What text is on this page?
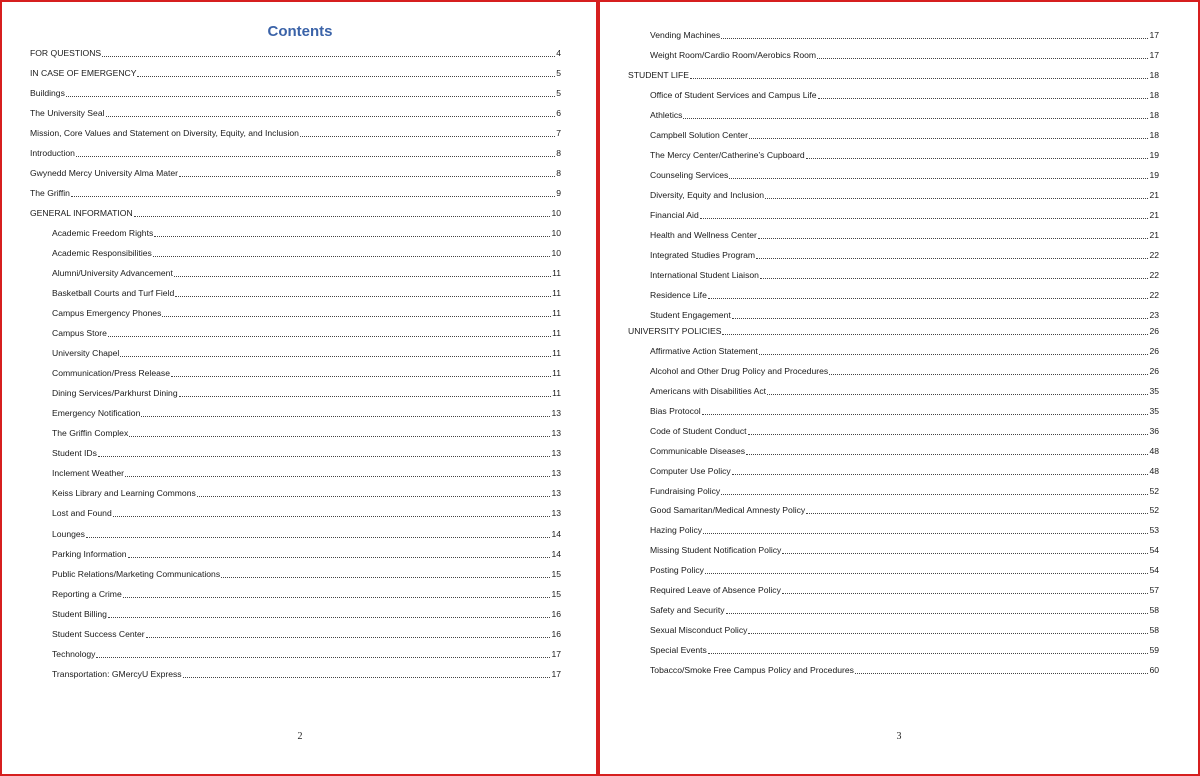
Contents
FOR QUESTIONS	4
IN CASE OF EMERGENCY	5
Buildings	5
The University Seal	6
Mission, Core Values and Statement on Diversity, Equity, and Inclusion	7
Introduction	8
Gwynedd Mercy University Alma Mater	8
The Griffin	9
GENERAL INFORMATION	10
Academic Freedom Rights	10
Academic Responsibilities	10
Alumni/University Advancement	11
Basketball Courts and Turf Field	11
Campus Emergency Phones	11
Campus Store	11
University Chapel	11
Communication/Press Release	11
Dining Services/Parkhurst Dining	11
Emergency Notification	13
The Griffin Complex	13
Student IDs	13
Inclement Weather	13
Keiss Library and Learning Commons	13
Lost and Found	13
Lounges	14
Parking Information	14
Public Relations/Marketing Communications	15
Reporting a Crime	15
Student Billing	16
Student Success Center	16
Technology	17
Transportation: GMercyU Express	17
2
Vending Machines	17
Weight Room/Cardio Room/Aerobics Room	17
STUDENT LIFE	18
Office of Student Services and Campus Life	18
Athletics	18
Campbell Solution Center	18
The Mercy Center/Catherine’s Cupboard	19
Counseling Services	19
Diversity, Equity and Inclusion	21
Financial Aid	21
Health and Wellness Center	21
Integrated Studies Program	22
International Student Liaison	22
Residence Life	22
Student Engagement	23
UNIVERSITY POLICIES	26
Affirmative Action Statement	26
Alcohol and Other Drug Policy and Procedures	26
Americans with Disabilities Act	35
Bias Protocol	35
Code of Student Conduct	36
Communicable Diseases	48
Computer Use Policy	48
Fundraising Policy	52
Good Samaritan/Medical Amnesty Policy	52
Hazing Policy	53
Missing Student Notification Policy	54
Posting Policy	54
Required Leave of Absence Policy	57
Safety and Security	58
Sexual Misconduct Policy	58
Special Events	59
Tobacco/Smoke Free Campus Policy and Procedures	60
3
